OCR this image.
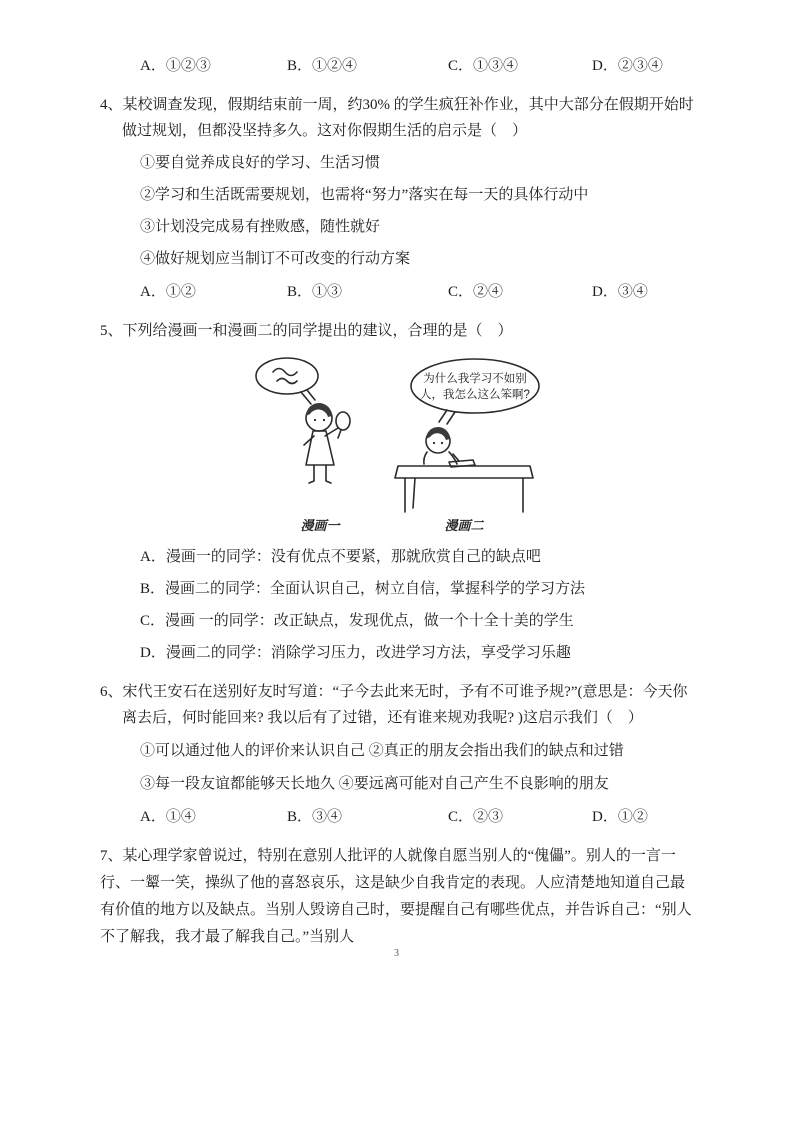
A．①②③	B．①②④	C．①③④	D．②③④

4、某校调查发现，假期结束前一周，约30% 的学生疯狂补作业，其中大部分在假期开始时做过规划，但都没坚持多久。这对你假期生活的启示是（　）

①要自觉养成良好的学习、生活习惯

②学习和生活既需要规划，也需将“努力”落实在每一天的具体行动中

③计划没完成易有挫败感，随性就好

④做好规划应当制订不可改变的行动方案

A．①②	B．①③	C．②④	D．③④

5、下列给漫画一和漫画二的同学提出的建议，合理的是（　）

为什么我学习不如别
人，我怎么这么笨啊?
漫画一	漫画二

A．漫画一的同学：没有优点不要紧，那就欣赏自己的缺点吧

B．漫画二的同学：全面认识自己，树立自信，掌握科学的学习方法

C．漫画 一的同学：改正缺点，发现优点，做一个十全十美的学生

D．漫画二的同学：消除学习压力，改进学习方法，享受学习乐趣

6、宋代王安石在送别好友时写道：“子今去此来无时，予有不可谁予规?”(意思是：今天你离去后，何时能回来? 我以后有了过错，还有谁来规劝我呢? )这启示我们（　）

①可以通过他人的评价来认识自己 ②真正的朋友会指出我们的缺点和过错

③每一段友谊都能够天长地久 ④要远离可能对自己产生不良影响的朋友

A．①④	B．③④	C．②③	D．①②

7、某心理学家曾说过，特别在意别人批评的人就像自愿当别人的“傀儡”。别人的一言一行、一颦一笑，操纵了他的喜怒哀乐，这是缺少自我肯定的表现。人应清楚地知道自己最有价值的地方以及缺点。当别人毁谤自己时，要提醒自己有哪些优点，并告诉自己：“别人不了解我，我才最了解我自己。”当别人

3
